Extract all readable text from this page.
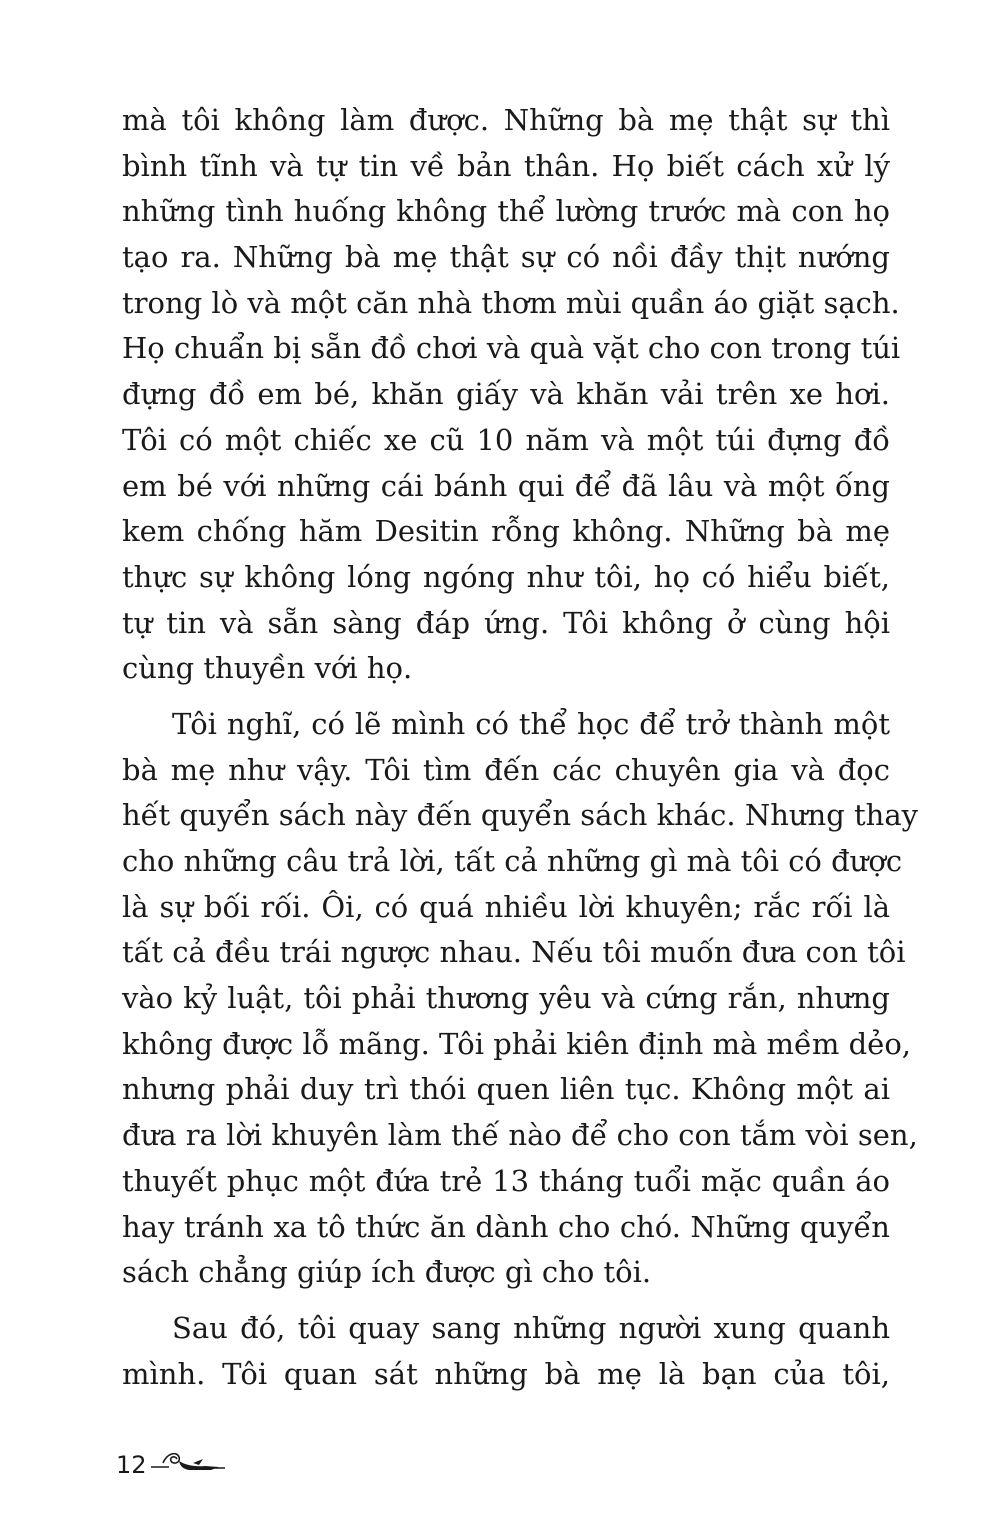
mà tôi không làm được. Những bà mẹ thật sự thì
bình tĩnh và tự tin về bản thân. Họ biết cách xử lý
những tình huống không thể lường trước mà con họ
tạo ra. Những bà mẹ thật sự có nồi đầy thịt nướng
trong lò và một căn nhà thơm mùi quần áo giặt sạch.
Họ chuẩn bị sẵn đồ chơi và quà vặt cho con trong túi
đựng đồ em bé, khăn giấy và khăn vải trên xe hơi.
Tôi có một chiếc xe cũ 10 năm và một túi đựng đồ
em bé với những cái bánh qui để đã lâu và một ống
kem chống hăm Desitin rỗng không. Những bà mẹ
thực sự không lóng ngóng như tôi, họ có hiểu biết,
tự tin và sẵn sàng đáp ứng. Tôi không ở cùng hội
cùng thuyền với họ.
Tôi nghĩ, có lẽ mình có thể học để trở thành một
bà mẹ như vậy. Tôi tìm đến các chuyên gia và đọc
hết quyển sách này đến quyển sách khác. Nhưng thay
cho những câu trả lời, tất cả những gì mà tôi có được
là sự bối rối. Ôi, có quá nhiều lời khuyên; rắc rối là
tất cả đều trái ngược nhau. Nếu tôi muốn đưa con tôi
vào kỷ luật, tôi phải thương yêu và cứng rắn, nhưng
không được lỗ mãng. Tôi phải kiên định mà mềm dẻo,
nhưng phải duy trì thói quen liên tục. Không một ai
đưa ra lời khuyên làm thế nào để cho con tắm vòi sen,
thuyết phục một đứa trẻ 13 tháng tuổi mặc quần áo
hay tránh xa tô thức ăn dành cho chó. Những quyển
sách chẳng giúp ích được gì cho tôi.
Sau đó, tôi quay sang những người xung quanh
mình. Tôi quan sát những bà mẹ là bạn của tôi,
12
